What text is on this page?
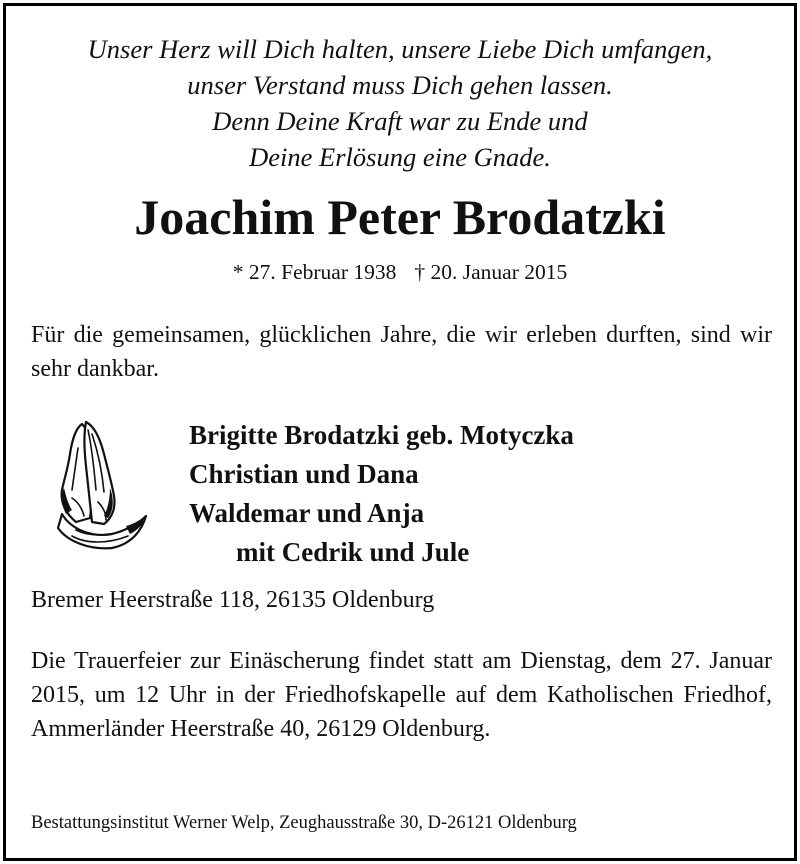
Unser Herz will Dich halten, unsere Liebe Dich umfangen,
unser Verstand muss Dich gehen lassen.
Denn Deine Kraft war zu Ende und
Deine Erlösung eine Gnade.
Joachim Peter Brodatzki
* 27. Februar 1938 † 20. Januar 2015
Für die gemeinsamen, glücklichen Jahre, die wir erleben durften, sind wir sehr dankbar.
Brigitte Brodatzki geb. Motyczka
Christian und Dana
Waldemar und Anja
mit Cedrik und Jule
Bremer Heerstraße 118, 26135 Oldenburg
Die Trauerfeier zur Einäscherung findet statt am Dienstag, dem 27. Januar 2015, um 12 Uhr in der Friedhofskapelle auf dem Katholischen Friedhof, Ammerländer Heerstraße 40, 26129 Oldenburg.
Bestattungsinstitut Werner Welp, Zeughausstraße 30, D-26121 Oldenburg
